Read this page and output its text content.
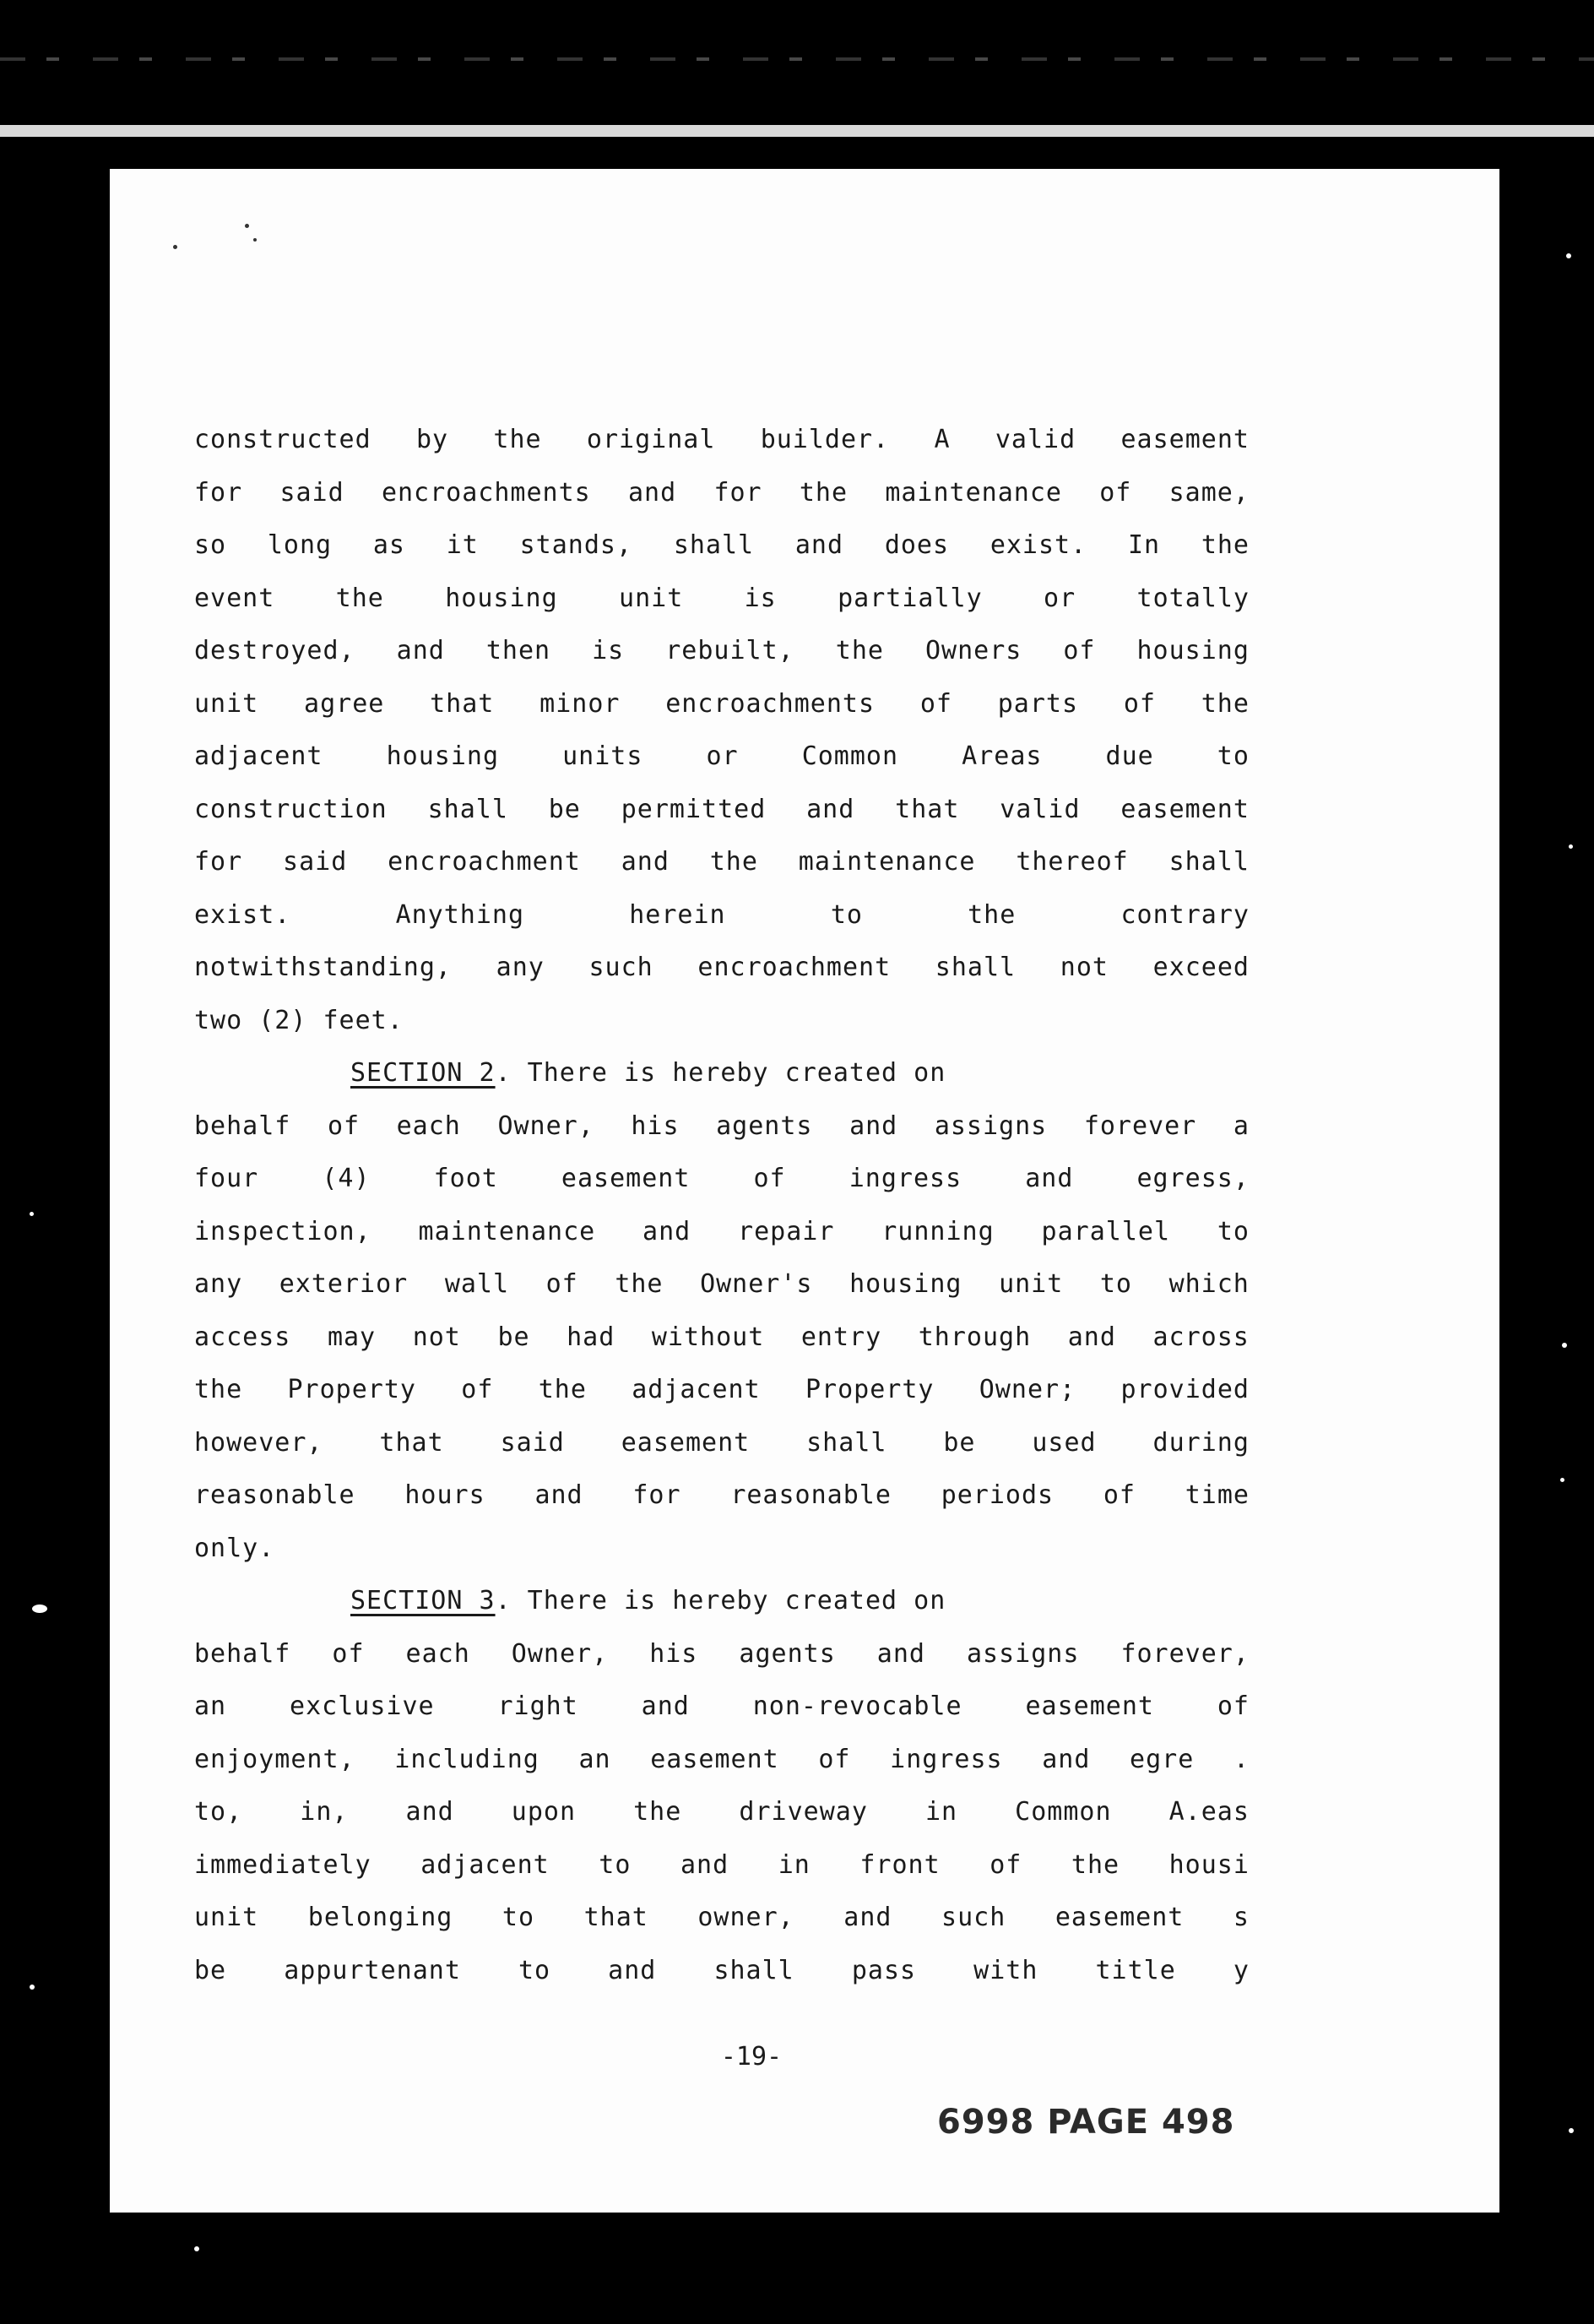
constructed by the original builder. A valid easement
for said encroachments and for the maintenance of same,
so long as it stands, shall and does exist. In the
event the housing unit is partially or totally
destroyed, and then is rebuilt, the Owners of housing
unit agree that minor encroachments of parts of the
adjacent	housing	units	or	Common	Areas	due	to
construction shall be permitted and that valid easement
for said encroachment and the maintenance thereof shall
exist.	Anything	herein	to	the	contrary
notwithstanding, any such encroachment shall not exceed
two (2) feet.
SECTION 2. There is hereby created on
behalf of each Owner, his agents and assigns forever a
four	(4)	foot	easement	of	ingress	and	egress,
inspection, maintenance and repair running parallel to
any exterior wall of the Owner's housing unit to which
access may not be had without entry through and across
the Property of the adjacent Property Owner; provided
however, that said easement shall be used during
reasonable hours and for reasonable periods of time
only.
SECTION 3. There is hereby created on
behalf of each Owner, his agents and assigns forever,
an exclusive right and non-revocable easement of
enjoyment, including an easement of ingress and egre .
to, in, and upon the driveway in Common A.eas
immediately adjacent to and in front of the housi
unit belonging to that owner, and such easement s
be appurtenant to and shall pass with title y
-19-
6998 PAGE 498
